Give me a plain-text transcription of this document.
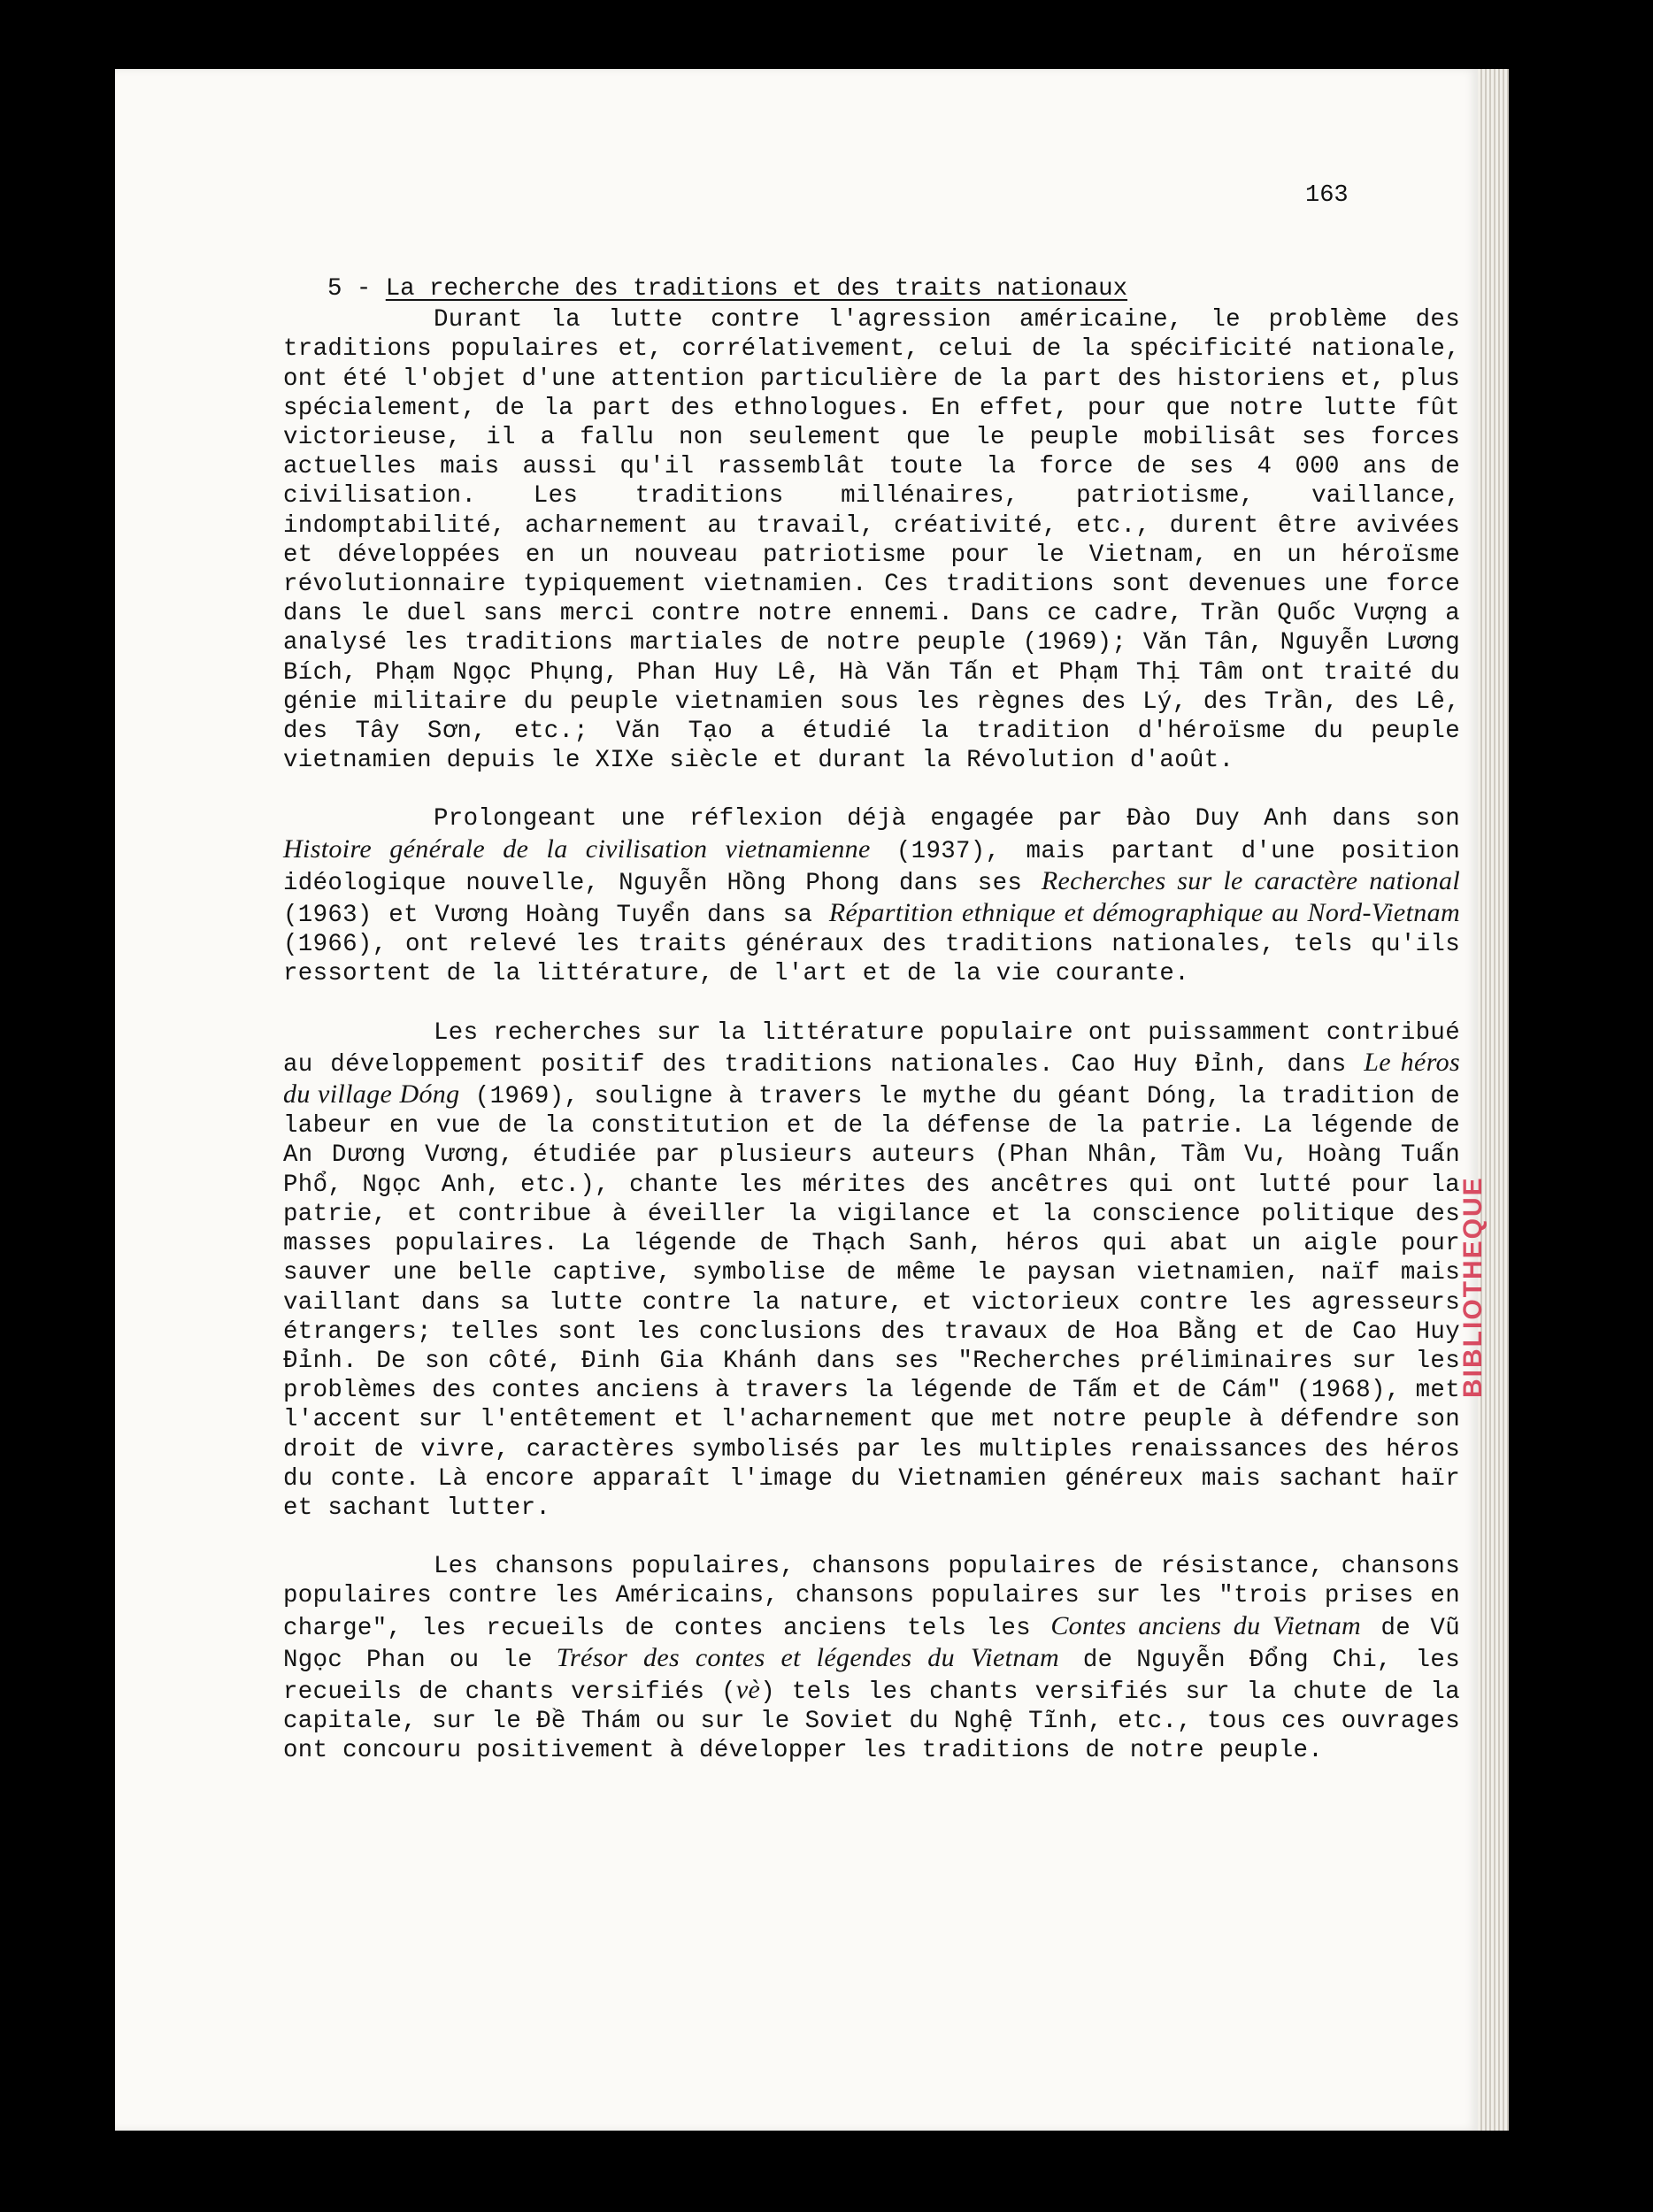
163
5 - La recherche des traditions et des traits nationaux

Durant la lutte contre l'agression américaine, le problème des traditions populaires et, corrélativement, celui de la spécificité nationale, ont été l'objet d'une attention particulière de la part des historiens et, plus spécialement, de la part des ethnologues. En effet, pour que notre lutte fût victorieuse, il a fallu non seulement que le peuple mobilisât ses forces actuelles mais aussi qu'il rassemblât toute la force de ses 4 000 ans de civilisation. Les traditions millénaires, patriotisme, vaillance, indomptabilité, acharnement au travail, créativité, etc., durent être avivées et développées en un nouveau patriotisme pour le Vietnam, en un héroïsme révolutionnaire typiquement vietnamien. Ces traditions sont devenues une force dans le duel sans merci contre notre ennemi. Dans ce cadre, Trần Quốc Vượng a analysé les traditions martiales de notre peuple (1969); Văn Tân, Nguyễn Lương Bích, Phạm Ngọc Phụng, Phan Huy Lê, Hà Văn Tấn et Phạm Thị Tâm ont traité du génie militaire du peuple vietnamien sous les règnes des Lý, des Trần, des Lê, des Tây Sơn, etc.; Văn Tạo a étudié la tradition d'héroïsme du peuple vietnamien depuis le XIXe siècle et durant la Révolution d'août.

Prolongeant une réflexion déjà engagée par Đào Duy Anh dans son Histoire générale de la civilisation vietnamienne (1937), mais partant d'une position idéologique nouvelle, Nguyễn Hồng Phong dans ses Recherches sur le caractère national (1963) et Vương Hoàng Tuyển dans sa Répartition ethnique et démographique au Nord-Vietnam (1966), ont relevé les traits généraux des traditions nationales, tels qu'ils ressortent de la littérature, de l'art et de la vie courante.

Les recherches sur la littérature populaire ont puissamment contribué au développement positif des traditions nationales. Cao Huy Đỉnh, dans Le héros du village Dóng (1969), souligne à travers le mythe du géant Dóng, la tradition de labeur en vue de la constitution et de la défense de la patrie. La légende de An Dương Vương, étudiée par plusieurs auteurs (Phan Nhân, Tầm Vu, Hoàng Tuấn Phổ, Ngọc Anh, etc.), chante les mérites des ancêtres qui ont lutté pour la patrie, et contribue à éveiller la vigilance et la conscience politique des masses populaires. La légende de Thạch Sanh, héros qui abat un aigle pour sauver une belle captive, symbolise de même le paysan vietnamien, naïf mais vaillant dans sa lutte contre la nature, et victorieux contre les agresseurs étrangers; telles sont les conclusions des travaux de Hoa Bằng et de Cao Huy Đỉnh. De son côté, Đinh Gia Khánh dans ses "Recherches préliminaires sur les problèmes des contes anciens à travers la légende de Tấm et de Cám" (1968), met l'accent sur l'entêtement et l'acharnement que met notre peuple à défendre son droit de vivre, caractères symbolisés par les multiples renaissances des héros du conte. Là encore apparaît l'image du Vietnamien généreux mais sachant haïr et sachant lutter.

Les chansons populaires, chansons populaires de résistance, chansons populaires contre les Américains, chansons populaires sur les "trois prises en charge", les recueils de contes anciens tels les Contes anciens du Vietnam de Vũ Ngọc Phan ou le Trésor des contes et légendes du Vietnam de Nguyễn Đổng Chi, les recueils de chants versifiés (vè) tels les chants versifiés sur la chute de la capitale, sur le Đề Thám ou sur le Soviet du Nghệ Tĩnh, etc., tous ces ouvrages ont concouru positivement à développer les traditions de notre peuple.

BIBLIOTHEQUE
